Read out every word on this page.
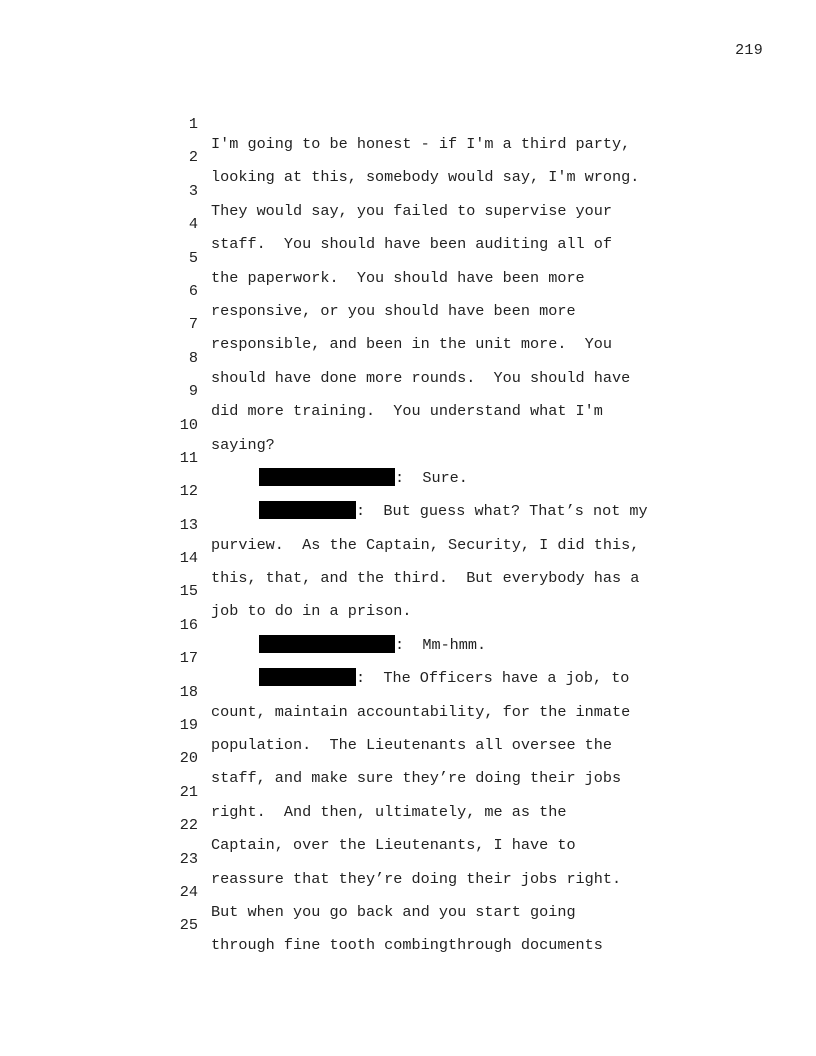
219

1

I'm going to be honest - if I'm a third party,

2

looking at this, somebody would say, I'm wrong.

3

They would say, you failed to supervise your

4

staff.  You should have been auditing all of

5

the paperwork.  You should have been more

6

responsive, or you should have been more

7

responsible, and been in the unit more.  You

8

should have done more rounds.  You should have

9

did more training.  You understand what I'm

10

saying?

11

:  Sure.

12

:  But guess what? That’s not my

13

purview.  As the Captain, Security, I did this,

14

this, that, and the third.  But everybody has a

15

job to do in a prison.

16

:  Mm-hmm.

17

:  The Officers have a job, to

18

count, maintain accountability, for the inmate

19

population.  The Lieutenants all oversee the

20

staff, and make sure they’re doing their jobs

21

right.  And then, ultimately, me as the

22

Captain, over the Lieutenants, I have to

23

reassure that they’re doing their jobs right.

24

But when you go back and you start going

25

through fine tooth combingthrough documents
